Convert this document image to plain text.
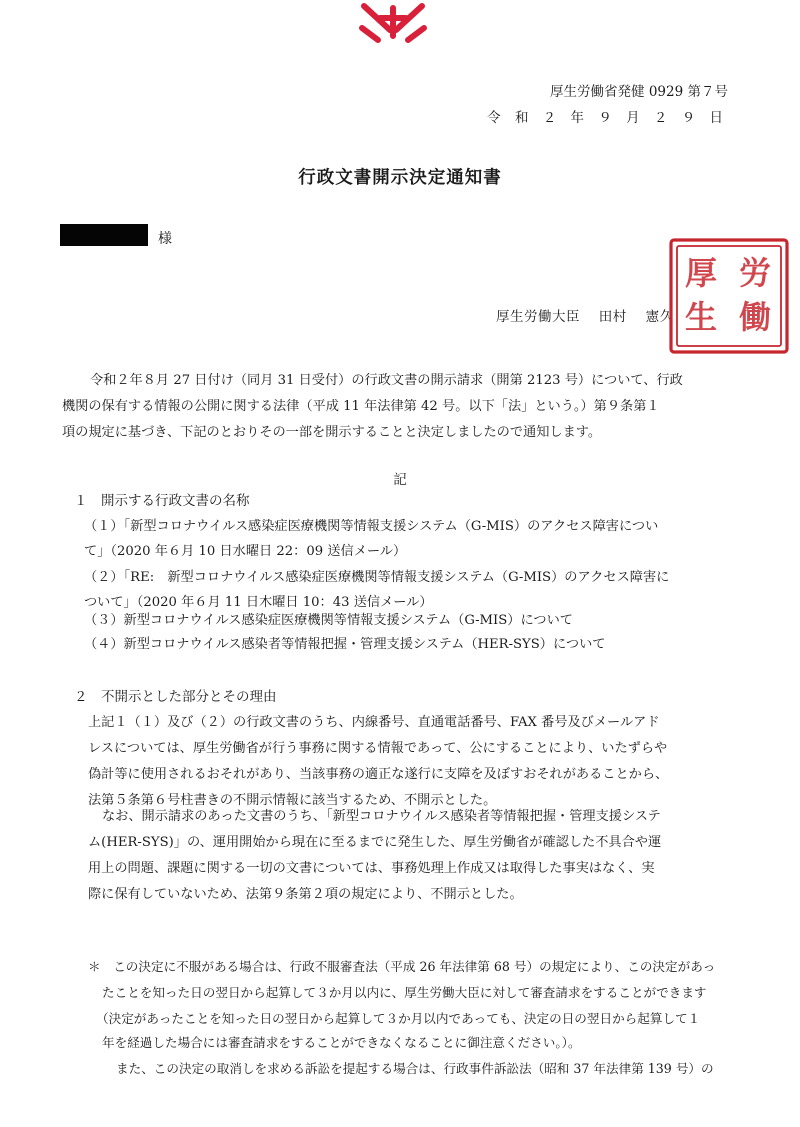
厚生労働省発健 0929 第７号

令 和 ２ 年 ９ 月 ２ ９ 日

行政文書開示決定通知書
様

厚生労働大臣　 田村 　憲久

厚
生
労
働

令和２年８月 27 日付け（同月 31 日受付）の行政文書の開示請求（開第 2123 号）について、行政

機関の保有する情報の公開に関する法律（平成 11 年法律第 42 号。以下「法」という。）第９条第１

項の規定に基づき、下記のとおりその一部を開示することと決定しましたので通知します。

記

１　開示する行政文書の名称

（１）「新型コロナウイルス感染症医療機関等情報支援システム（G-MIS）のアクセス障害につい

て」（2020 年６月 10 日水曜日 22：09 送信メール）

（２）「RE:　新型コロナウイルス感染症医療機関等情報支援システム（G-MIS）のアクセス障害に

ついて」（2020 年６月 11 日木曜日 10：43 送信メール）

（３）新型コロナウイルス感染症医療機関等情報支援システム（G-MIS）について

（４）新型コロナウイルス感染者等情報把握・管理支援システム（HER-SYS）について

２　不開示とした部分とその理由

上記１（１）及び（２）の行政文書のうち、内線番号、直通電話番号、FAX 番号及びメールアド

レスについては、厚生労働省が行う事務に関する情報であって、公にすることにより、いたずらや

偽計等に使用されるおそれがあり、当該事務の適正な遂行に支障を及ぼすおそれがあることから、

法第５条第６号柱書きの不開示情報に該当するため、不開示とした。

なお、開示請求のあった文書のうち、「新型コロナウイルス感染者等情報把握・管理支援システ

ム(HER-SYS)」の、運用開始から現在に至るまでに発生した、厚生労働省が確認した不具合や運

用上の問題、課題に関する一切の文書については、事務処理上作成又は取得した事実はなく、実

際に保有していないため、法第９条第２項の規定により、不開示とした。

＊　この決定に不服がある場合は、行政不服審査法（平成 26 年法律第 68 号）の規定により、この決定があっ

たことを知った日の翌日から起算して３か月以内に、厚生労働大臣に対して審査請求をすることができます

（決定があったことを知った日の翌日から起算して３か月以内であっても、決定の日の翌日から起算して１

年を経過した場合には審査請求をすることができなくなることに御注意ください。）。

また、この決定の取消しを求める訴訟を提起する場合は、行政事件訴訟法（昭和 37 年法律第 139 号）の
